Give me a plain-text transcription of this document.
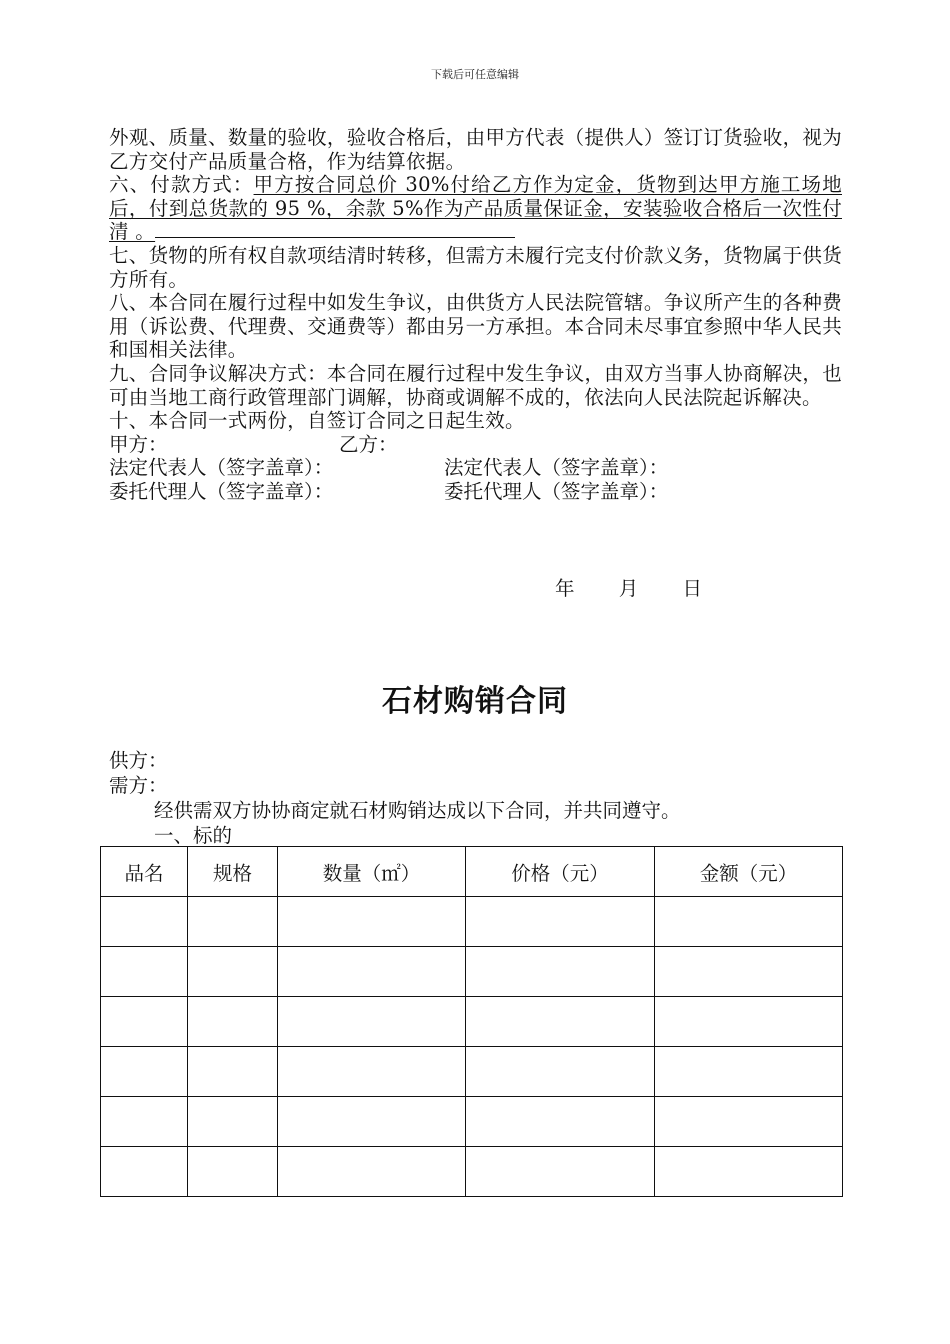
下载后可任意编辑

外观、质量、数量的验收，验收合格后，由甲方代表（提供人）签订订货验收，视为乙方交付产品质量合格，作为结算依据。

六、付款方式：甲方按合同总价 30%付给乙方作为定金，货物到达甲方施工场地后，付到总货款的 95 %，余款 5%作为产品质量保证金，安装验收合格后一次性付清 。

七、货物的所有权自款项结清时转移，但需方未履行完支付价款义务，货物属于供货方所有。

八、本合同在履行过程中如发生争议，由供货方人民法院管辖。争议所产生的各种费用（诉讼费、代理费、交通费等）都由另一方承担。本合同未尽事宜参照中华人民共和国相关法律。

九、合同争议解决方式：本合同在履行过程中发生争议，由双方当事人协商解决，也可由当地工商行政管理部门调解，协商或调解不成的，依法向人民法院起诉解决。

十、本合同一式两份，自签订合同之日起生效。

甲方：	乙方：
法定代表人（签字盖章）：	法定代表人（签字盖章）：
委托代理人（签字盖章）：	委托代理人（签字盖章）：
年 月 日
石材购销合同
供方：
需方：
经供需双方协协商定就石材购销达成以下合同，并共同遵守。
一、标的
品名	规格	数量（㎡）	价格（元）	金额（元）
